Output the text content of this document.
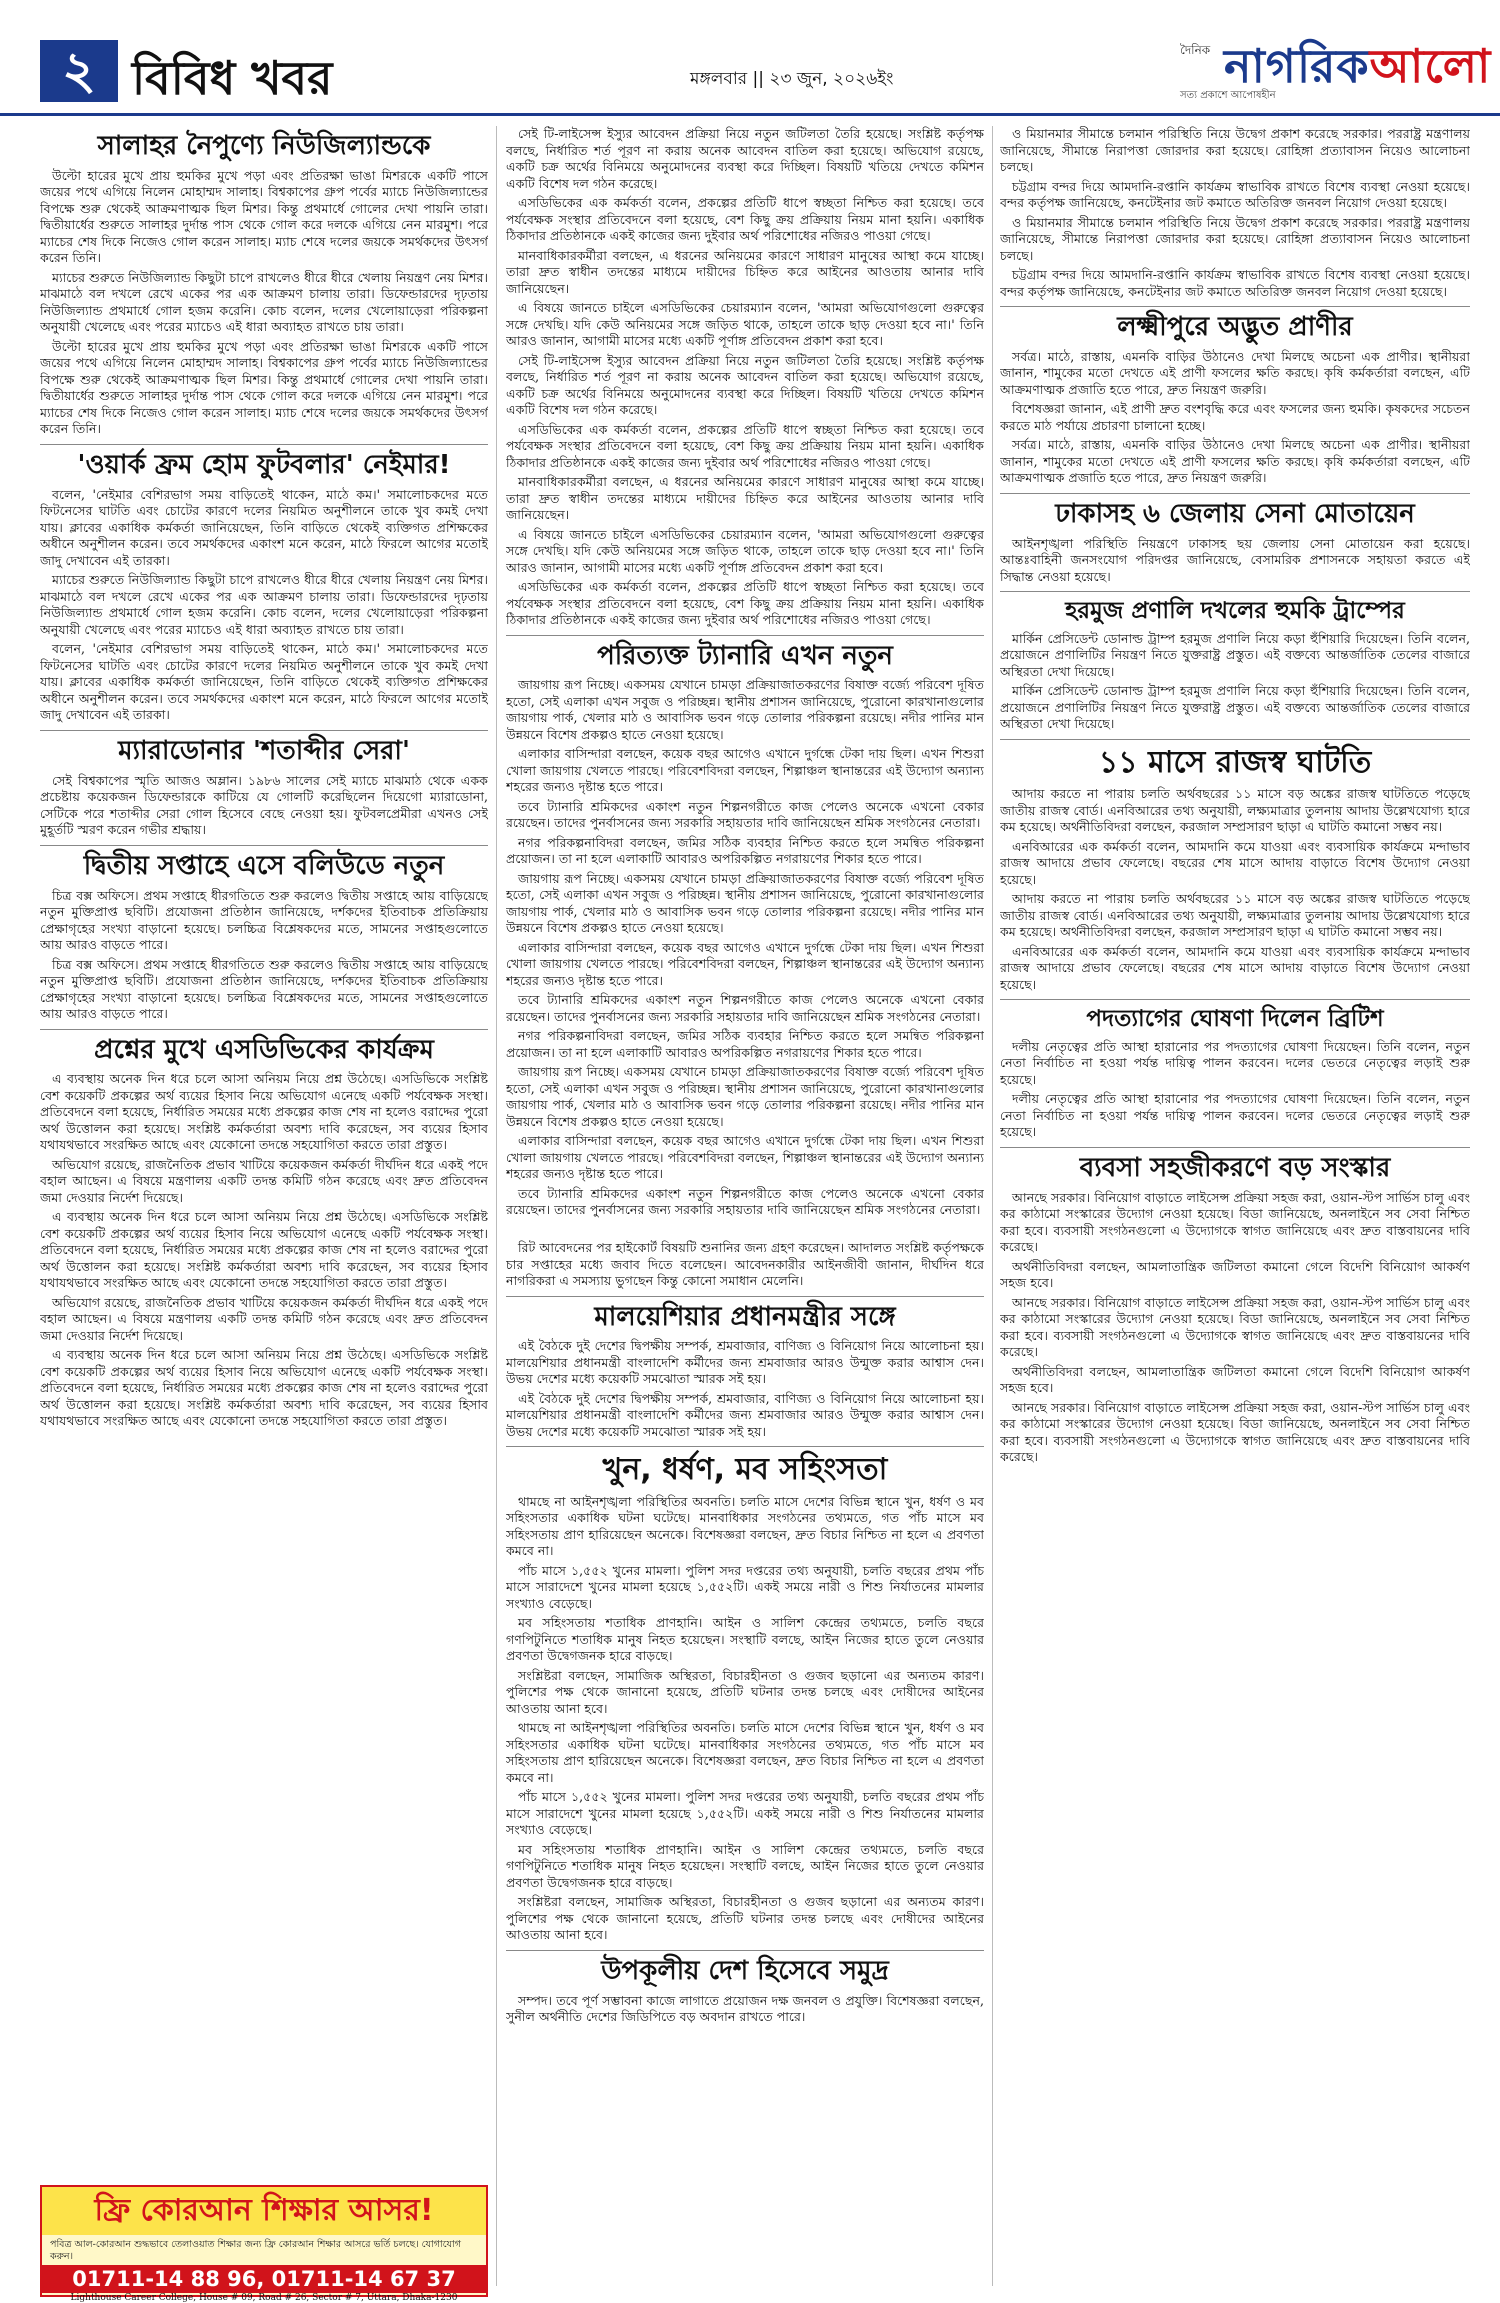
২ বিবিধ খবর	মঙ্গলবার || ২৩ জুন, ২০২৬ইং
দৈনিক নাগরিকআলো
সত্য প্রকাশে আপোষহীন
সালাহর নৈপুণ্যে নিউজিল্যান্ডকে

উল্টো হারের মুখে প্রায় হুমকির মুখে পড়া এবং প্রতিরক্ষা ভাঙা মিশরকে একটি পাসে জয়ের পথে এগিয়ে নিলেন মোহাম্মদ সালাহ। বিশ্বকাপের গ্রুপ পর্বের ম্যাচে নিউজিল্যান্ডের বিপক্ষে শুরু থেকেই আক্রমণাত্মক ছিল মিশর। কিন্তু প্রথমার্ধে গোলের দেখা পায়নি তারা। দ্বিতীয়ার্ধের শুরুতে সালাহর দুর্দান্ত পাস থেকে গোল করে দলকে এগিয়ে নেন মারমুশ। পরে ম্যাচের শেষ দিকে নিজেও গোল করেন সালাহ। ম্যাচ শেষে দলের জয়কে সমর্থকদের উৎসর্গ করেন তিনি।

ম্যাচের শুরুতে নিউজিল্যান্ড কিছুটা চাপে রাখলেও ধীরে ধীরে খেলায় নিয়ন্ত্রণ নেয় মিশর। মাঝমাঠে বল দখলে রেখে একের পর এক আক্রমণ চালায় তারা। ডিফেন্ডারদের দৃঢ়তায় নিউজিল্যান্ড প্রথমার্ধে গোল হজম করেনি। কোচ বলেন, দলের খেলোয়াড়েরা পরিকল্পনা অনুযায়ী খেলেছে এবং পরের ম্যাচেও এই ধারা অব্যাহত রাখতে চায় তারা।

উল্টো হারের মুখে প্রায় হুমকির মুখে পড়া এবং প্রতিরক্ষা ভাঙা মিশরকে একটি পাসে জয়ের পথে এগিয়ে নিলেন মোহাম্মদ সালাহ। বিশ্বকাপের গ্রুপ পর্বের ম্যাচে নিউজিল্যান্ডের বিপক্ষে শুরু থেকেই আক্রমণাত্মক ছিল মিশর। কিন্তু প্রথমার্ধে গোলের দেখা পায়নি তারা। দ্বিতীয়ার্ধের শুরুতে সালাহর দুর্দান্ত পাস থেকে গোল করে দলকে এগিয়ে নেন মারমুশ। পরে ম্যাচের শেষ দিকে নিজেও গোল করেন সালাহ। ম্যাচ শেষে দলের জয়কে সমর্থকদের উৎসর্গ করেন তিনি।

'ওয়ার্ক ফ্রম হোম ফুটবলার' নেইমার!

বলেন, 'নেইমার বেশিরভাগ সময় বাড়িতেই থাকেন, মাঠে কম।' সমালোচকদের মতে ফিটনেসের ঘাটতি এবং চোটের কারণে দলের নিয়মিত অনুশীলনে তাকে খুব কমই দেখা যায়। ক্লাবের একাধিক কর্মকর্তা জানিয়েছেন, তিনি বাড়িতে থেকেই ব্যক্তিগত প্রশিক্ষকের অধীনে অনুশীলন করেন। তবে সমর্থকদের একাংশ মনে করেন, মাঠে ফিরলে আগের মতোই জাদু দেখাবেন এই তারকা।

ম্যাচের শুরুতে নিউজিল্যান্ড কিছুটা চাপে রাখলেও ধীরে ধীরে খেলায় নিয়ন্ত্রণ নেয় মিশর। মাঝমাঠে বল দখলে রেখে একের পর এক আক্রমণ চালায় তারা। ডিফেন্ডারদের দৃঢ়তায় নিউজিল্যান্ড প্রথমার্ধে গোল হজম করেনি। কোচ বলেন, দলের খেলোয়াড়েরা পরিকল্পনা অনুযায়ী খেলেছে এবং পরের ম্যাচেও এই ধারা অব্যাহত রাখতে চায় তারা।

বলেন, 'নেইমার বেশিরভাগ সময় বাড়িতেই থাকেন, মাঠে কম।' সমালোচকদের মতে ফিটনেসের ঘাটতি এবং চোটের কারণে দলের নিয়মিত অনুশীলনে তাকে খুব কমই দেখা যায়। ক্লাবের একাধিক কর্মকর্তা জানিয়েছেন, তিনি বাড়িতে থেকেই ব্যক্তিগত প্রশিক্ষকের অধীনে অনুশীলন করেন। তবে সমর্থকদের একাংশ মনে করেন, মাঠে ফিরলে আগের মতোই জাদু দেখাবেন এই তারকা।

ম্যারাডোনার 'শতাব্দীর সেরা'

সেই বিশ্বকাপের স্মৃতি আজও অম্লান। ১৯৮৬ সালের সেই ম্যাচে মাঝমাঠ থেকে একক প্রচেষ্টায় কয়েকজন ডিফেন্ডারকে কাটিয়ে যে গোলটি করেছিলেন দিয়েগো ম্যারাডোনা, সেটিকে পরে শতাব্দীর সেরা গোল হিসেবে বেছে নেওয়া হয়। ফুটবলপ্রেমীরা এখনও সেই মুহূর্তটি স্মরণ করেন গভীর শ্রদ্ধায়।

দ্বিতীয় সপ্তাহে এসে বলিউডে নতুন

চিত্র বক্স অফিসে। প্রথম সপ্তাহে ধীরগতিতে শুরু করলেও দ্বিতীয় সপ্তাহে আয় বাড়িয়েছে নতুন মুক্তিপ্রাপ্ত ছবিটি। প্রযোজনা প্রতিষ্ঠান জানিয়েছে, দর্শকদের ইতিবাচক প্রতিক্রিয়ায় প্রেক্ষাগৃহের সংখ্যা বাড়ানো হয়েছে। চলচ্চিত্র বিশ্লেষকদের মতে, সামনের সপ্তাহগুলোতে আয় আরও বাড়তে পারে।

চিত্র বক্স অফিসে। প্রথম সপ্তাহে ধীরগতিতে শুরু করলেও দ্বিতীয় সপ্তাহে আয় বাড়িয়েছে নতুন মুক্তিপ্রাপ্ত ছবিটি। প্রযোজনা প্রতিষ্ঠান জানিয়েছে, দর্শকদের ইতিবাচক প্রতিক্রিয়ায় প্রেক্ষাগৃহের সংখ্যা বাড়ানো হয়েছে। চলচ্চিত্র বিশ্লেষকদের মতে, সামনের সপ্তাহগুলোতে আয় আরও বাড়তে পারে।

প্রশ্নের মুখে এসডিভিকের কার্যক্রম

এ ব্যবস্থায় অনেক দিন ধরে চলে আসা অনিয়ম নিয়ে প্রশ্ন উঠেছে। এসডিভিকে সংশ্লিষ্ট বেশ কয়েকটি প্রকল্পের অর্থ ব্যয়ের হিসাব নিয়ে অভিযোগ এনেছে একটি পর্যবেক্ষক সংস্থা। প্রতিবেদনে বলা হয়েছে, নির্ধারিত সময়ের মধ্যে প্রকল্পের কাজ শেষ না হলেও বরাদ্দের পুরো অর্থ উত্তোলন করা হয়েছে। সংশ্লিষ্ট কর্মকর্তারা অবশ্য দাবি করেছেন, সব ব্যয়ের হিসাব যথাযথভাবে সংরক্ষিত আছে এবং যেকোনো তদন্তে সহযোগিতা করতে তারা প্রস্তুত।

অভিযোগ রয়েছে, রাজনৈতিক প্রভাব খাটিয়ে কয়েকজন কর্মকর্তা দীর্ঘদিন ধরে একই পদে বহাল আছেন। এ বিষয়ে মন্ত্রণালয় একটি তদন্ত কমিটি গঠন করেছে এবং দ্রুত প্রতিবেদন জমা দেওয়ার নির্দেশ দিয়েছে।

এ ব্যবস্থায় অনেক দিন ধরে চলে আসা অনিয়ম নিয়ে প্রশ্ন উঠেছে। এসডিভিকে সংশ্লিষ্ট বেশ কয়েকটি প্রকল্পের অর্থ ব্যয়ের হিসাব নিয়ে অভিযোগ এনেছে একটি পর্যবেক্ষক সংস্থা। প্রতিবেদনে বলা হয়েছে, নির্ধারিত সময়ের মধ্যে প্রকল্পের কাজ শেষ না হলেও বরাদ্দের পুরো অর্থ উত্তোলন করা হয়েছে। সংশ্লিষ্ট কর্মকর্তারা অবশ্য দাবি করেছেন, সব ব্যয়ের হিসাব যথাযথভাবে সংরক্ষিত আছে এবং যেকোনো তদন্তে সহযোগিতা করতে তারা প্রস্তুত।

অভিযোগ রয়েছে, রাজনৈতিক প্রভাব খাটিয়ে কয়েকজন কর্মকর্তা দীর্ঘদিন ধরে একই পদে বহাল আছেন। এ বিষয়ে মন্ত্রণালয় একটি তদন্ত কমিটি গঠন করেছে এবং দ্রুত প্রতিবেদন জমা দেওয়ার নির্দেশ দিয়েছে।

এ ব্যবস্থায় অনেক দিন ধরে চলে আসা অনিয়ম নিয়ে প্রশ্ন উঠেছে। এসডিভিকে সংশ্লিষ্ট বেশ কয়েকটি প্রকল্পের অর্থ ব্যয়ের হিসাব নিয়ে অভিযোগ এনেছে একটি পর্যবেক্ষক সংস্থা। প্রতিবেদনে বলা হয়েছে, নির্ধারিত সময়ের মধ্যে প্রকল্পের কাজ শেষ না হলেও বরাদ্দের পুরো অর্থ উত্তোলন করা হয়েছে। সংশ্লিষ্ট কর্মকর্তারা অবশ্য দাবি করেছেন, সব ব্যয়ের হিসাব যথাযথভাবে সংরক্ষিত আছে এবং যেকোনো তদন্তে সহযোগিতা করতে তারা প্রস্তুত।

ফ্রি কোরআন শিক্ষার আসর!
পবিত্র আল-কোরআন শুদ্ধভাবে তেলাওয়াত শিক্ষার জন্য ফ্রি কোরআন শিক্ষার আসরে ভর্তি চলছে। যোগাযোগ করুন।
01711-14 88 96, 01711-14 67 37
Lighthouse Career College, House # 09, Road # 26, Sector # 7, Uttara, Dhaka-1230

সেই টি-লাইসেন্স ইস্যুর আবেদন প্রক্রিয়া নিয়ে নতুন জটিলতা তৈরি হয়েছে। সংশ্লিষ্ট কর্তৃপক্ষ বলছে, নির্ধারিত শর্ত পূরণ না করায় অনেক আবেদন বাতিল করা হয়েছে। অভিযোগ রয়েছে, একটি চক্র অর্থের বিনিময়ে অনুমোদনের ব্যবস্থা করে দিচ্ছিল। বিষয়টি খতিয়ে দেখতে কমিশন একটি বিশেষ দল গঠন করেছে।

এসডিভিকের এক কর্মকর্তা বলেন, প্রকল্পের প্রতিটি ধাপে স্বচ্ছতা নিশ্চিত করা হয়েছে। তবে পর্যবেক্ষক সংস্থার প্রতিবেদনে বলা হয়েছে, বেশ কিছু ক্রয় প্রক্রিয়ায় নিয়ম মানা হয়নি। একাধিক ঠিকাদার প্রতিষ্ঠানকে একই কাজের জন্য দুইবার অর্থ পরিশোধের নজিরও পাওয়া গেছে।

মানবাধিকারকর্মীরা বলছেন, এ ধরনের অনিয়মের কারণে সাধারণ মানুষের আস্থা কমে যাচ্ছে। তারা দ্রুত স্বাধীন তদন্তের মাধ্যমে দায়ীদের চিহ্নিত করে আইনের আওতায় আনার দাবি জানিয়েছেন।

এ বিষয়ে জানতে চাইলে এসডিভিকের চেয়ারম্যান বলেন, 'আমরা অভিযোগগুলো গুরুত্বের সঙ্গে দেখছি। যদি কেউ অনিয়মের সঙ্গে জড়িত থাকে, তাহলে তাকে ছাড় দেওয়া হবে না।' তিনি আরও জানান, আগামী মাসের মধ্যে একটি পূর্ণাঙ্গ প্রতিবেদন প্রকাশ করা হবে।

সেই টি-লাইসেন্স ইস্যুর আবেদন প্রক্রিয়া নিয়ে নতুন জটিলতা তৈরি হয়েছে। সংশ্লিষ্ট কর্তৃপক্ষ বলছে, নির্ধারিত শর্ত পূরণ না করায় অনেক আবেদন বাতিল করা হয়েছে। অভিযোগ রয়েছে, একটি চক্র অর্থের বিনিময়ে অনুমোদনের ব্যবস্থা করে দিচ্ছিল। বিষয়টি খতিয়ে দেখতে কমিশন একটি বিশেষ দল গঠন করেছে।

এসডিভিকের এক কর্মকর্তা বলেন, প্রকল্পের প্রতিটি ধাপে স্বচ্ছতা নিশ্চিত করা হয়েছে। তবে পর্যবেক্ষক সংস্থার প্রতিবেদনে বলা হয়েছে, বেশ কিছু ক্রয় প্রক্রিয়ায় নিয়ম মানা হয়নি। একাধিক ঠিকাদার প্রতিষ্ঠানকে একই কাজের জন্য দুইবার অর্থ পরিশোধের নজিরও পাওয়া গেছে।

মানবাধিকারকর্মীরা বলছেন, এ ধরনের অনিয়মের কারণে সাধারণ মানুষের আস্থা কমে যাচ্ছে। তারা দ্রুত স্বাধীন তদন্তের মাধ্যমে দায়ীদের চিহ্নিত করে আইনের আওতায় আনার দাবি জানিয়েছেন।

এ বিষয়ে জানতে চাইলে এসডিভিকের চেয়ারম্যান বলেন, 'আমরা অভিযোগগুলো গুরুত্বের সঙ্গে দেখছি। যদি কেউ অনিয়মের সঙ্গে জড়িত থাকে, তাহলে তাকে ছাড় দেওয়া হবে না।' তিনি আরও জানান, আগামী মাসের মধ্যে একটি পূর্ণাঙ্গ প্রতিবেদন প্রকাশ করা হবে।

এসডিভিকের এক কর্মকর্তা বলেন, প্রকল্পের প্রতিটি ধাপে স্বচ্ছতা নিশ্চিত করা হয়েছে। তবে পর্যবেক্ষক সংস্থার প্রতিবেদনে বলা হয়েছে, বেশ কিছু ক্রয় প্রক্রিয়ায় নিয়ম মানা হয়নি। একাধিক ঠিকাদার প্রতিষ্ঠানকে একই কাজের জন্য দুইবার অর্থ পরিশোধের নজিরও পাওয়া গেছে।

পরিত্যক্ত ট্যানারি এখন নতুন

জায়গায় রূপ নিচ্ছে। একসময় যেখানে চামড়া প্রক্রিয়াজাতকরণের বিষাক্ত বর্জ্যে পরিবেশ দূষিত হতো, সেই এলাকা এখন সবুজ ও পরিচ্ছন্ন। স্থানীয় প্রশাসন জানিয়েছে, পুরোনো কারখানাগুলোর জায়গায় পার্ক, খেলার মাঠ ও আবাসিক ভবন গড়ে তোলার পরিকল্পনা রয়েছে। নদীর পানির মান উন্নয়নে বিশেষ প্রকল্পও হাতে নেওয়া হয়েছে।

এলাকার বাসিন্দারা বলছেন, কয়েক বছর আগেও এখানে দুর্গন্ধে টেকা দায় ছিল। এখন শিশুরা খোলা জায়গায় খেলতে পারছে। পরিবেশবিদরা বলছেন, শিল্পাঞ্চল স্থানান্তরের এই উদ্যোগ অন্যান্য শহরের জন্যও দৃষ্টান্ত হতে পারে।

তবে ট্যানারি শ্রমিকদের একাংশ নতুন শিল্পনগরীতে কাজ পেলেও অনেকে এখনো বেকার রয়েছেন। তাদের পুনর্বাসনের জন্য সরকারি সহায়তার দাবি জানিয়েছেন শ্রমিক সংগঠনের নেতারা।

নগর পরিকল্পনাবিদরা বলছেন, জমির সঠিক ব্যবহার নিশ্চিত করতে হলে সমন্বিত পরিকল্পনা প্রয়োজন। তা না হলে এলাকাটি আবারও অপরিকল্পিত নগরায়ণের শিকার হতে পারে।

জায়গায় রূপ নিচ্ছে। একসময় যেখানে চামড়া প্রক্রিয়াজাতকরণের বিষাক্ত বর্জ্যে পরিবেশ দূষিত হতো, সেই এলাকা এখন সবুজ ও পরিচ্ছন্ন। স্থানীয় প্রশাসন জানিয়েছে, পুরোনো কারখানাগুলোর জায়গায় পার্ক, খেলার মাঠ ও আবাসিক ভবন গড়ে তোলার পরিকল্পনা রয়েছে। নদীর পানির মান উন্নয়নে বিশেষ প্রকল্পও হাতে নেওয়া হয়েছে।

এলাকার বাসিন্দারা বলছেন, কয়েক বছর আগেও এখানে দুর্গন্ধে টেকা দায় ছিল। এখন শিশুরা খোলা জায়গায় খেলতে পারছে। পরিবেশবিদরা বলছেন, শিল্পাঞ্চল স্থানান্তরের এই উদ্যোগ অন্যান্য শহরের জন্যও দৃষ্টান্ত হতে পারে।

তবে ট্যানারি শ্রমিকদের একাংশ নতুন শিল্পনগরীতে কাজ পেলেও অনেকে এখনো বেকার রয়েছেন। তাদের পুনর্বাসনের জন্য সরকারি সহায়তার দাবি জানিয়েছেন শ্রমিক সংগঠনের নেতারা।

নগর পরিকল্পনাবিদরা বলছেন, জমির সঠিক ব্যবহার নিশ্চিত করতে হলে সমন্বিত পরিকল্পনা প্রয়োজন। তা না হলে এলাকাটি আবারও অপরিকল্পিত নগরায়ণের শিকার হতে পারে।

জায়গায় রূপ নিচ্ছে। একসময় যেখানে চামড়া প্রক্রিয়াজাতকরণের বিষাক্ত বর্জ্যে পরিবেশ দূষিত হতো, সেই এলাকা এখন সবুজ ও পরিচ্ছন্ন। স্থানীয় প্রশাসন জানিয়েছে, পুরোনো কারখানাগুলোর জায়গায় পার্ক, খেলার মাঠ ও আবাসিক ভবন গড়ে তোলার পরিকল্পনা রয়েছে। নদীর পানির মান উন্নয়নে বিশেষ প্রকল্পও হাতে নেওয়া হয়েছে।

এলাকার বাসিন্দারা বলছেন, কয়েক বছর আগেও এখানে দুর্গন্ধে টেকা দায় ছিল। এখন শিশুরা খোলা জায়গায় খেলতে পারছে। পরিবেশবিদরা বলছেন, শিল্পাঞ্চল স্থানান্তরের এই উদ্যোগ অন্যান্য শহরের জন্যও দৃষ্টান্ত হতে পারে।

তবে ট্যানারি শ্রমিকদের একাংশ নতুন শিল্পনগরীতে কাজ পেলেও অনেকে এখনো বেকার রয়েছেন। তাদের পুনর্বাসনের জন্য সরকারি সহায়তার দাবি জানিয়েছেন শ্রমিক সংগঠনের নেতারা।

ও মিয়ানমার সীমান্তে চলমান পরিস্থিতি নিয়ে উদ্বেগ প্রকাশ করেছে সরকার। পররাষ্ট্র মন্ত্রণালয় জানিয়েছে, সীমান্তে নিরাপত্তা জোরদার করা হয়েছে। রোহিঙ্গা প্রত্যাবাসন নিয়েও আলোচনা চলছে।

চট্টগ্রাম বন্দর দিয়ে আমদানি-রপ্তানি কার্যক্রম স্বাভাবিক রাখতে বিশেষ ব্যবস্থা নেওয়া হয়েছে। বন্দর কর্তৃপক্ষ জানিয়েছে, কনটেইনার জট কমাতে অতিরিক্ত জনবল নিয়োগ দেওয়া হয়েছে।

ও মিয়ানমার সীমান্তে চলমান পরিস্থিতি নিয়ে উদ্বেগ প্রকাশ করেছে সরকার। পররাষ্ট্র মন্ত্রণালয় জানিয়েছে, সীমান্তে নিরাপত্তা জোরদার করা হয়েছে। রোহিঙ্গা প্রত্যাবাসন নিয়েও আলোচনা চলছে।

চট্টগ্রাম বন্দর দিয়ে আমদানি-রপ্তানি কার্যক্রম স্বাভাবিক রাখতে বিশেষ ব্যবস্থা নেওয়া হয়েছে। বন্দর কর্তৃপক্ষ জানিয়েছে, কনটেইনার জট কমাতে অতিরিক্ত জনবল নিয়োগ দেওয়া হয়েছে।

লক্ষ্মীপুরে অদ্ভুত প্রাণীর

সর্বত্র। মাঠে, রাস্তায়, এমনকি বাড়ির উঠানেও দেখা মিলছে অচেনা এক প্রাণীর। স্থানীয়রা জানান, শামুকের মতো দেখতে এই প্রাণী ফসলের ক্ষতি করছে। কৃষি কর্মকর্তারা বলছেন, এটি আক্রমণাত্মক প্রজাতি হতে পারে, দ্রুত নিয়ন্ত্রণ জরুরি।

বিশেষজ্ঞরা জানান, এই প্রাণী দ্রুত বংশবৃদ্ধি করে এবং ফসলের জন্য হুমকি। কৃষকদের সচেতন করতে মাঠ পর্যায়ে প্রচারণা চালানো হচ্ছে।

সর্বত্র। মাঠে, রাস্তায়, এমনকি বাড়ির উঠানেও দেখা মিলছে অচেনা এক প্রাণীর। স্থানীয়রা জানান, শামুকের মতো দেখতে এই প্রাণী ফসলের ক্ষতি করছে। কৃষি কর্মকর্তারা বলছেন, এটি আক্রমণাত্মক প্রজাতি হতে পারে, দ্রুত নিয়ন্ত্রণ জরুরি।

ঢাকাসহ ৬ জেলায় সেনা মোতায়েন

আইনশৃঙ্খলা পরিস্থিতি নিয়ন্ত্রণে ঢাকাসহ ছয় জেলায় সেনা মোতায়েন করা হয়েছে। আন্তঃবাহিনী জনসংযোগ পরিদপ্তর জানিয়েছে, বেসামরিক প্রশাসনকে সহায়তা করতে এই সিদ্ধান্ত নেওয়া হয়েছে।

হরমুজ প্রণালি দখলের হুমকি ট্রাম্পের

মার্কিন প্রেসিডেন্ট ডোনাল্ড ট্রাম্প হরমুজ প্রণালি নিয়ে কড়া হুঁশিয়ারি দিয়েছেন। তিনি বলেন, প্রয়োজনে প্রণালিটির নিয়ন্ত্রণ নিতে যুক্তরাষ্ট্র প্রস্তুত। এই বক্তব্যে আন্তর্জাতিক তেলের বাজারে অস্থিরতা দেখা দিয়েছে।

মার্কিন প্রেসিডেন্ট ডোনাল্ড ট্রাম্প হরমুজ প্রণালি নিয়ে কড়া হুঁশিয়ারি দিয়েছেন। তিনি বলেন, প্রয়োজনে প্রণালিটির নিয়ন্ত্রণ নিতে যুক্তরাষ্ট্র প্রস্তুত। এই বক্তব্যে আন্তর্জাতিক তেলের বাজারে অস্থিরতা দেখা দিয়েছে।

১১ মাসে রাজস্ব ঘাটতি

আদায় করতে না পারায় চলতি অর্থবছরের ১১ মাসে বড় অঙ্কের রাজস্ব ঘাটতিতে পড়েছে জাতীয় রাজস্ব বোর্ড। এনবিআরের তথ্য অনুযায়ী, লক্ষ্যমাত্রার তুলনায় আদায় উল্লেখযোগ্য হারে কম হয়েছে। অর্থনীতিবিদরা বলছেন, করজাল সম্প্রসারণ ছাড়া এ ঘাটতি কমানো সম্ভব নয়।

এনবিআরের এক কর্মকর্তা বলেন, আমদানি কমে যাওয়া এবং ব্যবসায়িক কার্যক্রমে মন্দাভাব রাজস্ব আদায়ে প্রভাব ফেলেছে। বছরের শেষ মাসে আদায় বাড়াতে বিশেষ উদ্যোগ নেওয়া হয়েছে।

আদায় করতে না পারায় চলতি অর্থবছরের ১১ মাসে বড় অঙ্কের রাজস্ব ঘাটতিতে পড়েছে জাতীয় রাজস্ব বোর্ড। এনবিআরের তথ্য অনুযায়ী, লক্ষ্যমাত্রার তুলনায় আদায় উল্লেখযোগ্য হারে কম হয়েছে। অর্থনীতিবিদরা বলছেন, করজাল সম্প্রসারণ ছাড়া এ ঘাটতি কমানো সম্ভব নয়।

এনবিআরের এক কর্মকর্তা বলেন, আমদানি কমে যাওয়া এবং ব্যবসায়িক কার্যক্রমে মন্দাভাব রাজস্ব আদায়ে প্রভাব ফেলেছে। বছরের শেষ মাসে আদায় বাড়াতে বিশেষ উদ্যোগ নেওয়া হয়েছে।

পদত্যাগের ঘোষণা দিলেন ব্রিটিশ

দলীয় নেতৃত্বের প্রতি আস্থা হারানোর পর পদত্যাগের ঘোষণা দিয়েছেন। তিনি বলেন, নতুন নেতা নির্বাচিত না হওয়া পর্যন্ত দায়িত্ব পালন করবেন। দলের ভেতরে নেতৃত্বের লড়াই শুরু হয়েছে।

দলীয় নেতৃত্বের প্রতি আস্থা হারানোর পর পদত্যাগের ঘোষণা দিয়েছেন। তিনি বলেন, নতুন নেতা নির্বাচিত না হওয়া পর্যন্ত দায়িত্ব পালন করবেন। দলের ভেতরে নেতৃত্বের লড়াই শুরু হয়েছে।

ব্যবসা সহজীকরণে বড় সংস্কার

আনছে সরকার। বিনিয়োগ বাড়াতে লাইসেন্স প্রক্রিয়া সহজ করা, ওয়ান-স্টপ সার্ভিস চালু এবং কর কাঠামো সংস্কারের উদ্যোগ নেওয়া হয়েছে। বিডা জানিয়েছে, অনলাইনে সব সেবা নিশ্চিত করা হবে। ব্যবসায়ী সংগঠনগুলো এ উদ্যোগকে স্বাগত জানিয়েছে এবং দ্রুত বাস্তবায়নের দাবি করেছে।

অর্থনীতিবিদরা বলছেন, আমলাতান্ত্রিক জটিলতা কমানো গেলে বিদেশি বিনিয়োগ আকর্ষণ সহজ হবে।

আনছে সরকার। বিনিয়োগ বাড়াতে লাইসেন্স প্রক্রিয়া সহজ করা, ওয়ান-স্টপ সার্ভিস চালু এবং কর কাঠামো সংস্কারের উদ্যোগ নেওয়া হয়েছে। বিডা জানিয়েছে, অনলাইনে সব সেবা নিশ্চিত করা হবে। ব্যবসায়ী সংগঠনগুলো এ উদ্যোগকে স্বাগত জানিয়েছে এবং দ্রুত বাস্তবায়নের দাবি করেছে।

অর্থনীতিবিদরা বলছেন, আমলাতান্ত্রিক জটিলতা কমানো গেলে বিদেশি বিনিয়োগ আকর্ষণ সহজ হবে।

আনছে সরকার। বিনিয়োগ বাড়াতে লাইসেন্স প্রক্রিয়া সহজ করা, ওয়ান-স্টপ সার্ভিস চালু এবং কর কাঠামো সংস্কারের উদ্যোগ নেওয়া হয়েছে। বিডা জানিয়েছে, অনলাইনে সব সেবা নিশ্চিত করা হবে। ব্যবসায়ী সংগঠনগুলো এ উদ্যোগকে স্বাগত জানিয়েছে এবং দ্রুত বাস্তবায়নের দাবি করেছে।

রিট আবেদনের পর হাইকোর্ট বিষয়টি শুনানির জন্য গ্রহণ করেছেন। আদালত সংশ্লিষ্ট কর্তৃপক্ষকে চার সপ্তাহের মধ্যে জবাব দিতে বলেছেন। আবেদনকারীর আইনজীবী জানান, দীর্ঘদিন ধরে নাগরিকরা এ সমস্যায় ভুগছেন কিন্তু কোনো সমাধান মেলেনি।

মালয়েশিয়ার প্রধানমন্ত্রীর সঙ্গে

এই বৈঠকে দুই দেশের দ্বিপক্ষীয় সম্পর্ক, শ্রমবাজার, বাণিজ্য ও বিনিয়োগ নিয়ে আলোচনা হয়। মালয়েশিয়ার প্রধানমন্ত্রী বাংলাদেশি কর্মীদের জন্য শ্রমবাজার আরও উন্মুক্ত করার আশ্বাস দেন। উভয় দেশের মধ্যে কয়েকটি সমঝোতা স্মারক সই হয়।

এই বৈঠকে দুই দেশের দ্বিপক্ষীয় সম্পর্ক, শ্রমবাজার, বাণিজ্য ও বিনিয়োগ নিয়ে আলোচনা হয়। মালয়েশিয়ার প্রধানমন্ত্রী বাংলাদেশি কর্মীদের জন্য শ্রমবাজার আরও উন্মুক্ত করার আশ্বাস দেন। উভয় দেশের মধ্যে কয়েকটি সমঝোতা স্মারক সই হয়।

খুন, ধর্ষণ, মব সহিংসতা

থামছে না আইনশৃঙ্খলা পরিস্থিতির অবনতি। চলতি মাসে দেশের বিভিন্ন স্থানে খুন, ধর্ষণ ও মব সহিংসতার একাধিক ঘটনা ঘটেছে। মানবাধিকার সংগঠনের তথ্যমতে, গত পাঁচ মাসে মব সহিংসতায় প্রাণ হারিয়েছেন অনেকে। বিশেষজ্ঞরা বলছেন, দ্রুত বিচার নিশ্চিত না হলে এ প্রবণতা কমবে না।

পাঁচ মাসে ১,৫৫২ খুনের মামলা। পুলিশ সদর দপ্তরের তথ্য অনুযায়ী, চলতি বছরের প্রথম পাঁচ মাসে সারাদেশে খুনের মামলা হয়েছে ১,৫৫২টি। একই সময়ে নারী ও শিশু নির্যাতনের মামলার সংখ্যাও বেড়েছে।

মব সহিংসতায় শতাধিক প্রাণহানি। আইন ও সালিশ কেন্দ্রের তথ্যমতে, চলতি বছরে গণপিটুনিতে শতাধিক মানুষ নিহত হয়েছেন। সংস্থাটি বলছে, আইন নিজের হাতে তুলে নেওয়ার প্রবণতা উদ্বেগজনক হারে বাড়ছে।

সংশ্লিষ্টরা বলছেন, সামাজিক অস্থিরতা, বিচারহীনতা ও গুজব ছড়ানো এর অন্যতম কারণ। পুলিশের পক্ষ থেকে জানানো হয়েছে, প্রতিটি ঘটনার তদন্ত চলছে এবং দোষীদের আইনের আওতায় আনা হবে।

থামছে না আইনশৃঙ্খলা পরিস্থিতির অবনতি। চলতি মাসে দেশের বিভিন্ন স্থানে খুন, ধর্ষণ ও মব সহিংসতার একাধিক ঘটনা ঘটেছে। মানবাধিকার সংগঠনের তথ্যমতে, গত পাঁচ মাসে মব সহিংসতায় প্রাণ হারিয়েছেন অনেকে। বিশেষজ্ঞরা বলছেন, দ্রুত বিচার নিশ্চিত না হলে এ প্রবণতা কমবে না।

পাঁচ মাসে ১,৫৫২ খুনের মামলা। পুলিশ সদর দপ্তরের তথ্য অনুযায়ী, চলতি বছরের প্রথম পাঁচ মাসে সারাদেশে খুনের মামলা হয়েছে ১,৫৫২টি। একই সময়ে নারী ও শিশু নির্যাতনের মামলার সংখ্যাও বেড়েছে।

মব সহিংসতায় শতাধিক প্রাণহানি। আইন ও সালিশ কেন্দ্রের তথ্যমতে, চলতি বছরে গণপিটুনিতে শতাধিক মানুষ নিহত হয়েছেন। সংস্থাটি বলছে, আইন নিজের হাতে তুলে নেওয়ার প্রবণতা উদ্বেগজনক হারে বাড়ছে।

সংশ্লিষ্টরা বলছেন, সামাজিক অস্থিরতা, বিচারহীনতা ও গুজব ছড়ানো এর অন্যতম কারণ। পুলিশের পক্ষ থেকে জানানো হয়েছে, প্রতিটি ঘটনার তদন্ত চলছে এবং দোষীদের আইনের আওতায় আনা হবে।

উপকূলীয় দেশ হিসেবে সমুদ্র

সম্পদ। তবে পূর্ণ সম্ভাবনা কাজে লাগাতে প্রয়োজন দক্ষ জনবল ও প্রযুক্তি। বিশেষজ্ঞরা বলছেন, সুনীল অর্থনীতি দেশের জিডিপিতে বড় অবদান রাখতে পারে।
